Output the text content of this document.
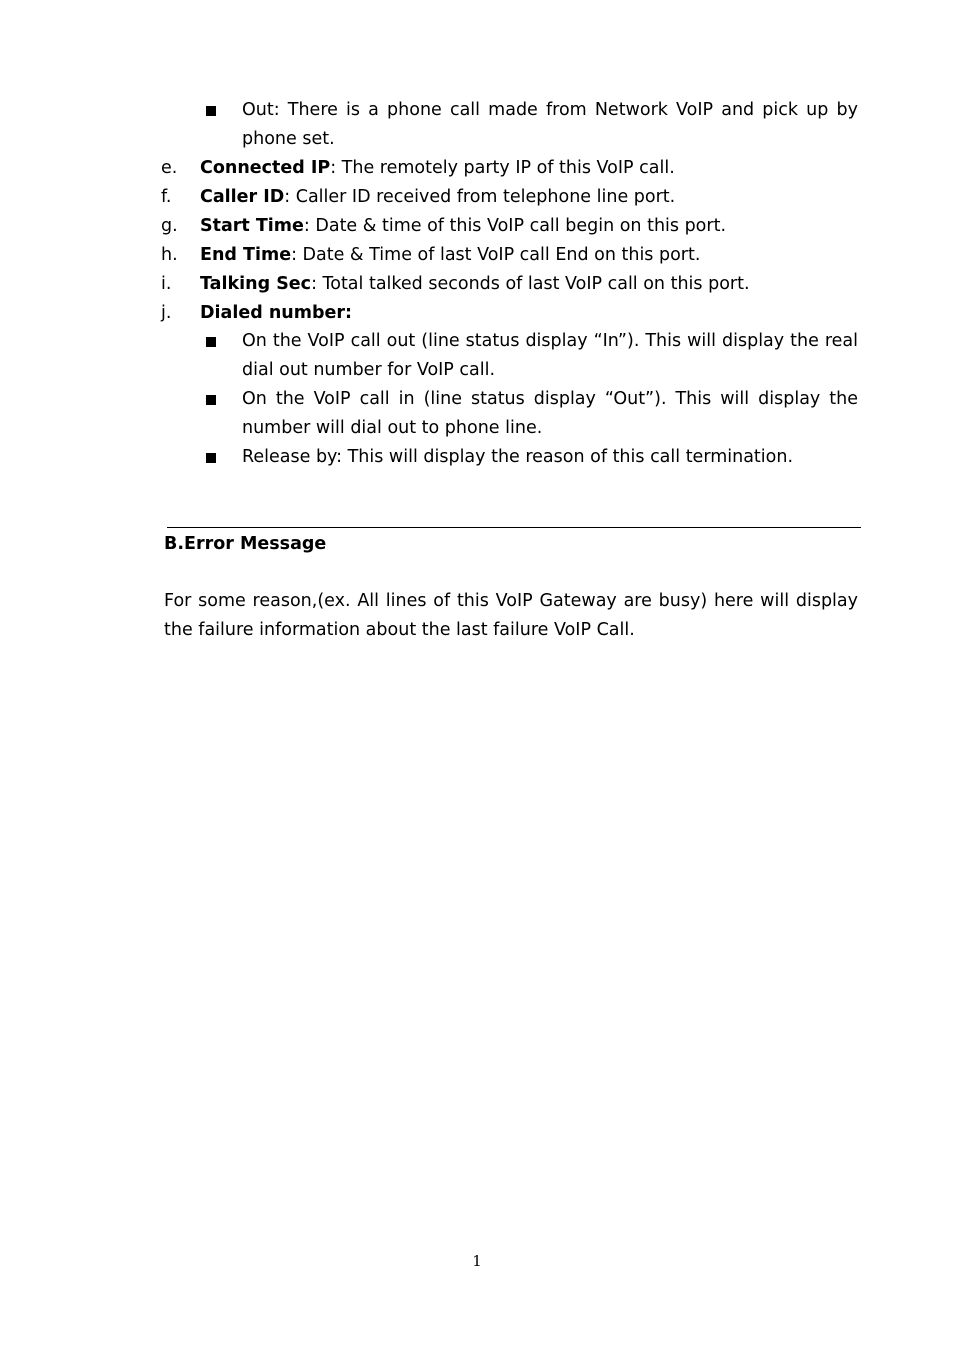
Out: There is a phone call made from Network VoIP and pick up by
phone set.
e. Connected IP: The remotely party IP of this VoIP call.
f. Caller ID: Caller ID received from telephone line port.
g. Start Time: Date & time of this VoIP call begin on this port.
h. End Time: Date & Time of last VoIP call End on this port.
i. Talking Sec: Total talked seconds of last VoIP call on this port.
j. Dialed number:
On the VoIP call out (line status display “In”). This will display the real
dial out number for VoIP call.
On the VoIP call in (line status display “Out”). This will display the
number will dial out to phone line.
Release by: This will display the reason of this call termination.
B.Error Message
For some reason,(ex. All lines of this VoIP Gateway are busy) here will display
the failure information about the last failure VoIP Call.
1
